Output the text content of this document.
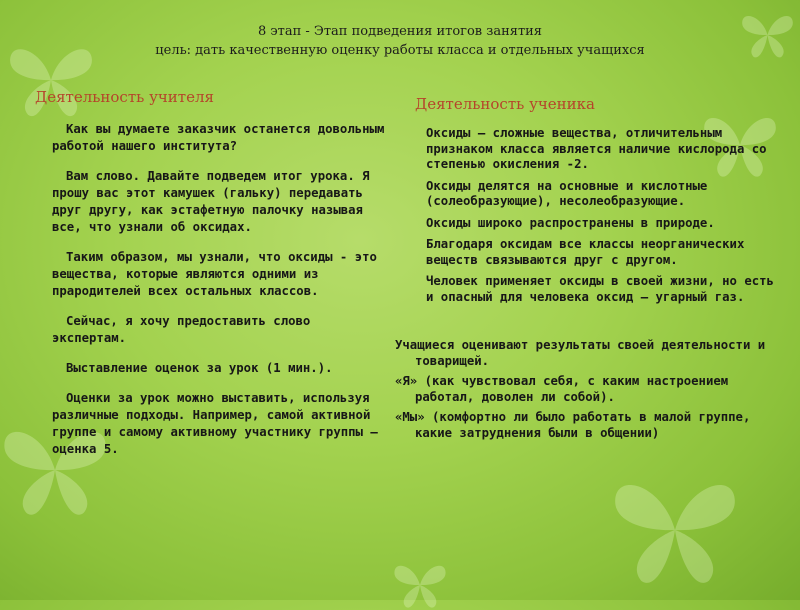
8 этап - Этап подведения итогов занятия
цель: дать качественную оценку работы класса и отдельных учащихся
Деятельность учителя	Деятельность ученика

Как вы думаете заказчик останется довольным работой нашего института?

Вам слово. Давайте подведем итог урока. Я прошу вас этот камушек (гальку) передавать друг другу, как эстафетную палочку называя все, что узнали об оксидах.

Таким образом, мы узнали, что оксиды - это вещества, которые являются одними из прародителей всех остальных классов.

Сейчас, я хочу предоставить слово экспертам.

Выставление оценок за урок (1 мин.).

Оценки за урок можно выставить, используя различные подходы. Например, самой активной группе и самому активному участнику группы – оценка 5.

Оксиды – сложные вещества, отличительным признаком класса является наличие кислорода со степенью окисления -2.
Оксиды делятся на основные и кислотные (солеобразующие), несолеобразующие.
Оксиды широко распространены в природе.
Благодаря оксидам все классы неорганических веществ связываются друг с другом.
Человек применяет оксиды в своей жизни, но есть и опасный для человека оксид – угарный газ.

Учащиеся оценивают результаты своей деятельности и товарищей.

«Я» (как чувствовал себя, с каким настроением работал, доволен ли собой).

«Мы» (комфортно ли было работать в малой группе, какие затруднения были в общении)
